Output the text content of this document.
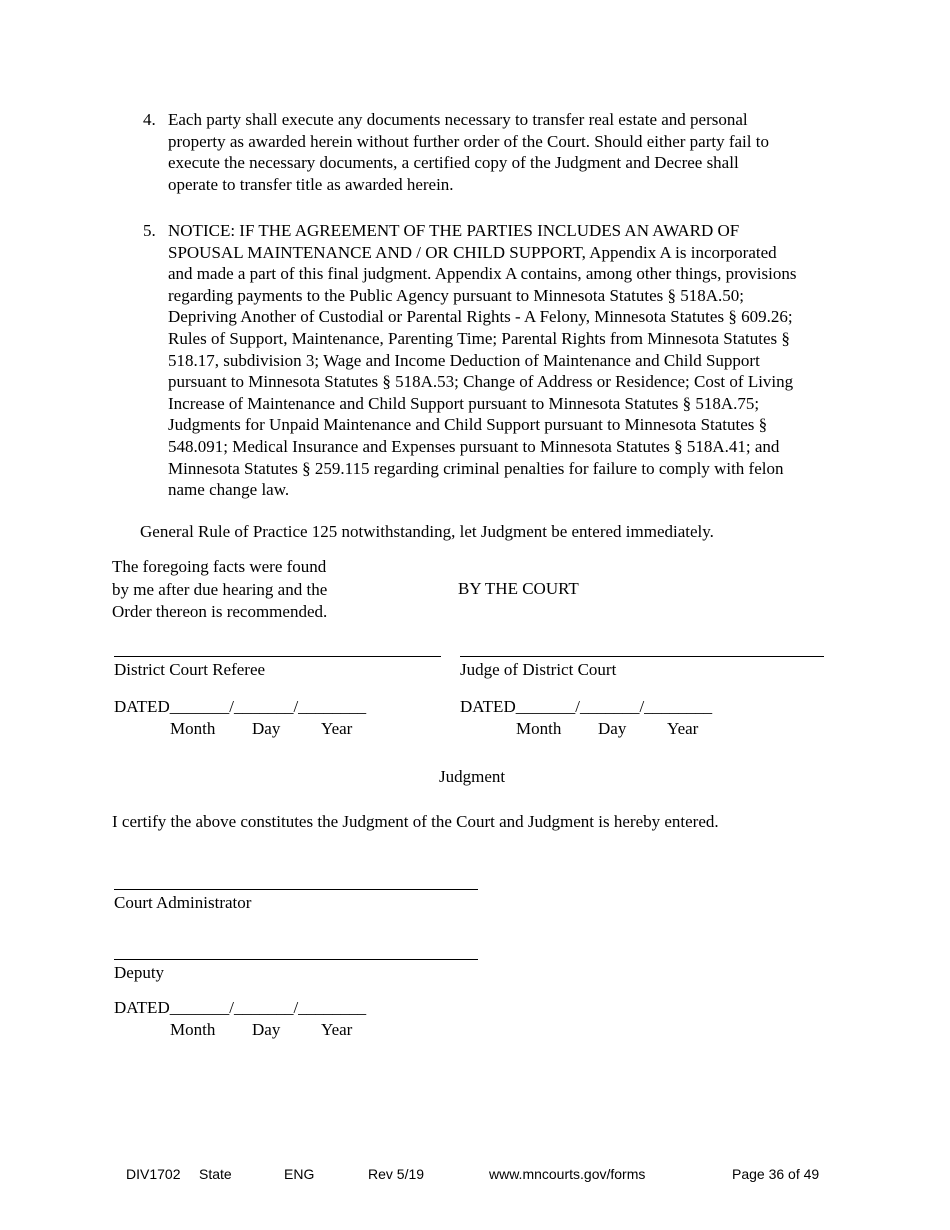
4. Each party shall execute any documents necessary to transfer real estate and personal
property as awarded herein without further order of the Court. Should either party fail to
execute the necessary documents, a certified copy of the Judgment and Decree shall
operate to transfer title as awarded herein.
5. NOTICE: IF THE AGREEMENT OF THE PARTIES INCLUDES AN AWARD OF
SPOUSAL MAINTENANCE AND / OR CHILD SUPPORT, Appendix A is incorporated
and made a part of this final judgment. Appendix A contains, among other things, provisions
regarding payments to the Public Agency pursuant to Minnesota Statutes § 518A.50;
Depriving Another of Custodial or Parental Rights - A Felony, Minnesota Statutes § 609.26;
Rules of Support, Maintenance, Parenting Time; Parental Rights from Minnesota Statutes §
518.17, subdivision 3; Wage and Income Deduction of Maintenance and Child Support
pursuant to Minnesota Statutes § 518A.53; Change of Address or Residence; Cost of Living
Increase of Maintenance and Child Support pursuant to Minnesota Statutes § 518A.75;
Judgments for Unpaid Maintenance and Child Support pursuant to Minnesota Statutes §
548.091; Medical Insurance and Expenses pursuant to Minnesota Statutes § 518A.41; and
Minnesota Statutes § 259.115 regarding criminal penalties for failure to comply with felon
name change law.
General Rule of Practice 125 notwithstanding, let Judgment be entered immediately.
The foregoing facts were found
by me after due hearing and the
Order thereon is recommended.
BY THE COURT
District Court Referee	Judge of District Court
DATED_______/_______/________
Month Day Year
DATED_______/_______/________
Month Day Year
Judgment
I certify the above constitutes the Judgment of the Court and Judgment is hereby entered.
Court Administrator
Deputy
DATED_______/_______/________
Month Day Year
DIV1702 State	ENG	Rev 5/19	www.mncourts.gov/forms	Page 36 of 49
